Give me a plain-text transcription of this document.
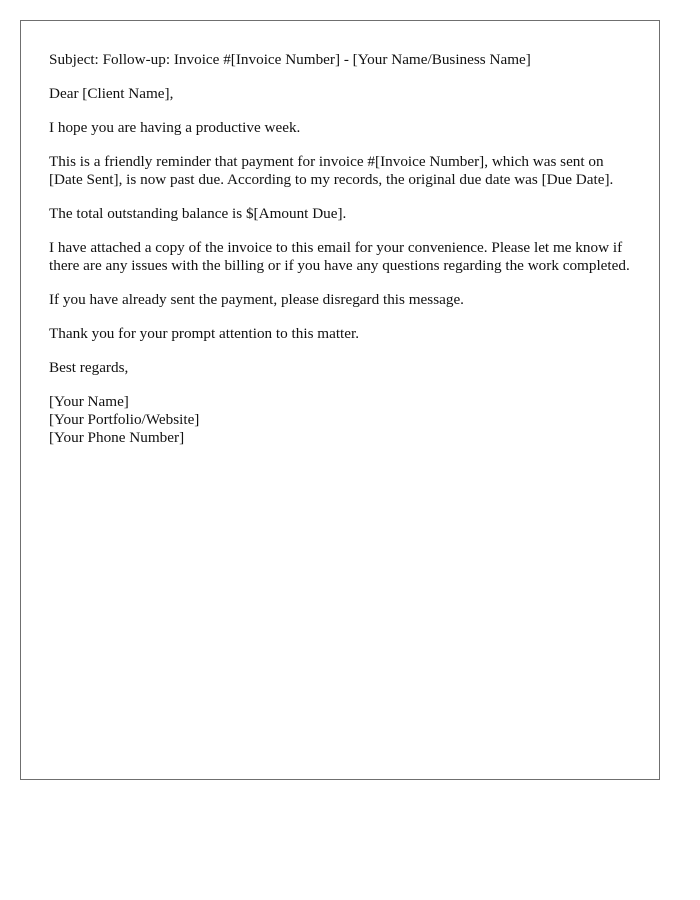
Subject: Follow-up: Invoice #[Invoice Number] - [Your Name/Business Name]

Dear [Client Name],

I hope you are having a productive week.

This is a friendly reminder that payment for invoice #[Invoice Number], which was sent on [Date Sent], is now past due. According to my records, the original due date was [Due Date].

The total outstanding balance is $[Amount Due].

I have attached a copy of the invoice to this email for your convenience. Please let me know if there are any issues with the billing or if you have any questions regarding the work completed.

If you have already sent the payment, please disregard this message.

Thank you for your prompt attention to this matter.

Best regards,

[Your Name]

[Your Portfolio/Website]

[Your Phone Number]
